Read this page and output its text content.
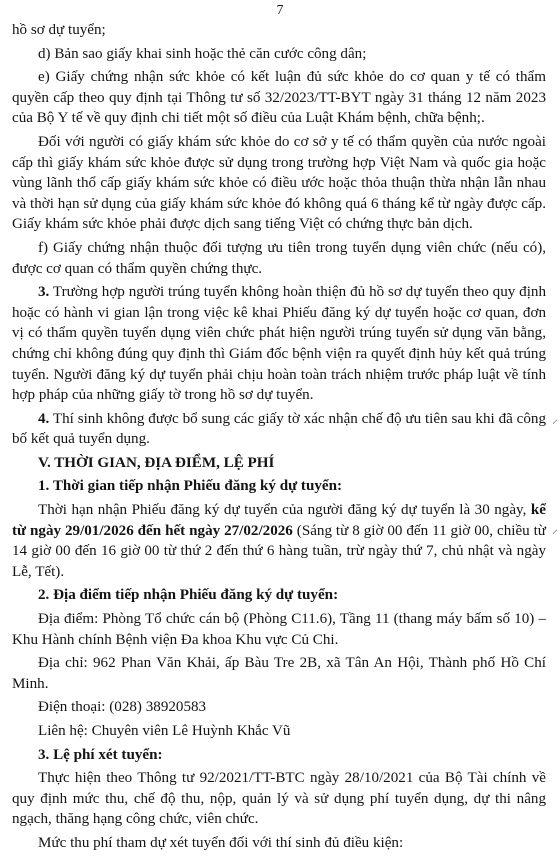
7

hồ sơ dự tuyển;

d) Bản sao giấy khai sinh hoặc thẻ căn cước công dân;

e) Giấy chứng nhận sức khỏe có kết luận đủ sức khỏe do cơ quan y tế có thẩm quyền cấp theo quy định tại Thông tư số 32/2023/TT-BYT ngày 31 tháng 12 năm 2023 của Bộ Y tế về quy định chi tiết một số điều của Luật Khám bệnh, chữa bệnh;.

Đối với người có giấy khám sức khỏe do cơ sở y tế có thẩm quyền của nước ngoài cấp thì giấy khám sức khỏe được sử dụng trong trường hợp Việt Nam và quốc gia hoặc vùng lãnh thổ cấp giấy khám sức khỏe có điều ước hoặc thỏa thuận thừa nhận lẫn nhau và thời hạn sử dụng của giấy khám sức khỏe đó không quá 6 tháng kể từ ngày được cấp. Giấy khám sức khỏe phải được dịch sang tiếng Việt có chứng thực bản dịch.

f) Giấy chứng nhận thuộc đối tượng ưu tiên trong tuyển dụng viên chức (nếu có), được cơ quan có thẩm quyền chứng thực.

3. Trường hợp người trúng tuyển không hoàn thiện đủ hồ sơ dự tuyển theo quy định hoặc có hành vi gian lận trong việc kê khai Phiếu đăng ký dự tuyển hoặc cơ quan, đơn vị có thẩm quyền tuyển dụng viên chức phát hiện người trúng tuyển sử dụng văn bằng, chứng chỉ không đúng quy định thì Giám đốc bệnh viện ra quyết định hủy kết quả trúng tuyển. Người đăng ký dự tuyển phải chịu hoàn toàn trách nhiệm trước pháp luật về tính hợp pháp của những giấy tờ trong hồ sơ dự tuyển.

4. Thí sinh không được bổ sung các giấy tờ xác nhận chế độ ưu tiên sau khi đã công bố kết quả tuyển dụng.

V. THỜI GIAN, ĐỊA ĐIỂM, LỆ PHÍ

1. Thời gian tiếp nhận Phiếu đăng ký dự tuyển:

Thời hạn nhận Phiếu đăng ký dự tuyển của người đăng ký dự tuyển là 30 ngày, kể từ ngày 29/01/2026 đến hết ngày 27/02/2026 (Sáng từ 8 giờ 00 đến 11 giờ 00, chiều từ 14 giờ 00 đến 16 giờ 00 từ thứ 2 đến thứ 6 hàng tuần, trừ ngày thứ 7, chủ nhật và ngày Lễ, Tết).

2. Địa điểm tiếp nhận Phiếu đăng ký dự tuyển:

Địa điểm: Phòng Tổ chức cán bộ (Phòng C11.6), Tầng 11 (thang máy bấm số 10) – Khu Hành chính Bệnh viện Đa khoa Khu vực Củ Chi.

Địa chỉ: 962 Phan Văn Khải, ấp Bàu Tre 2B, xã Tân An Hội, Thành phố Hồ Chí Minh.

Điện thoại: (028) 38920583

Liên hệ: Chuyên viên Lê Huỳnh Khắc Vũ

3. Lệ phí xét tuyển:

Thực hiện theo Thông tư 92/2021/TT-BTC ngày 28/10/2021 của Bộ Tài chính về quy định mức thu, chế độ thu, nộp, quản lý và sử dụng phí tuyển dụng, dự thi nâng ngạch, thăng hạng công chức, viên chức.

Mức thu phí tham dự xét tuyển đối với thí sinh đủ điều kiện:

⸝
⸝
